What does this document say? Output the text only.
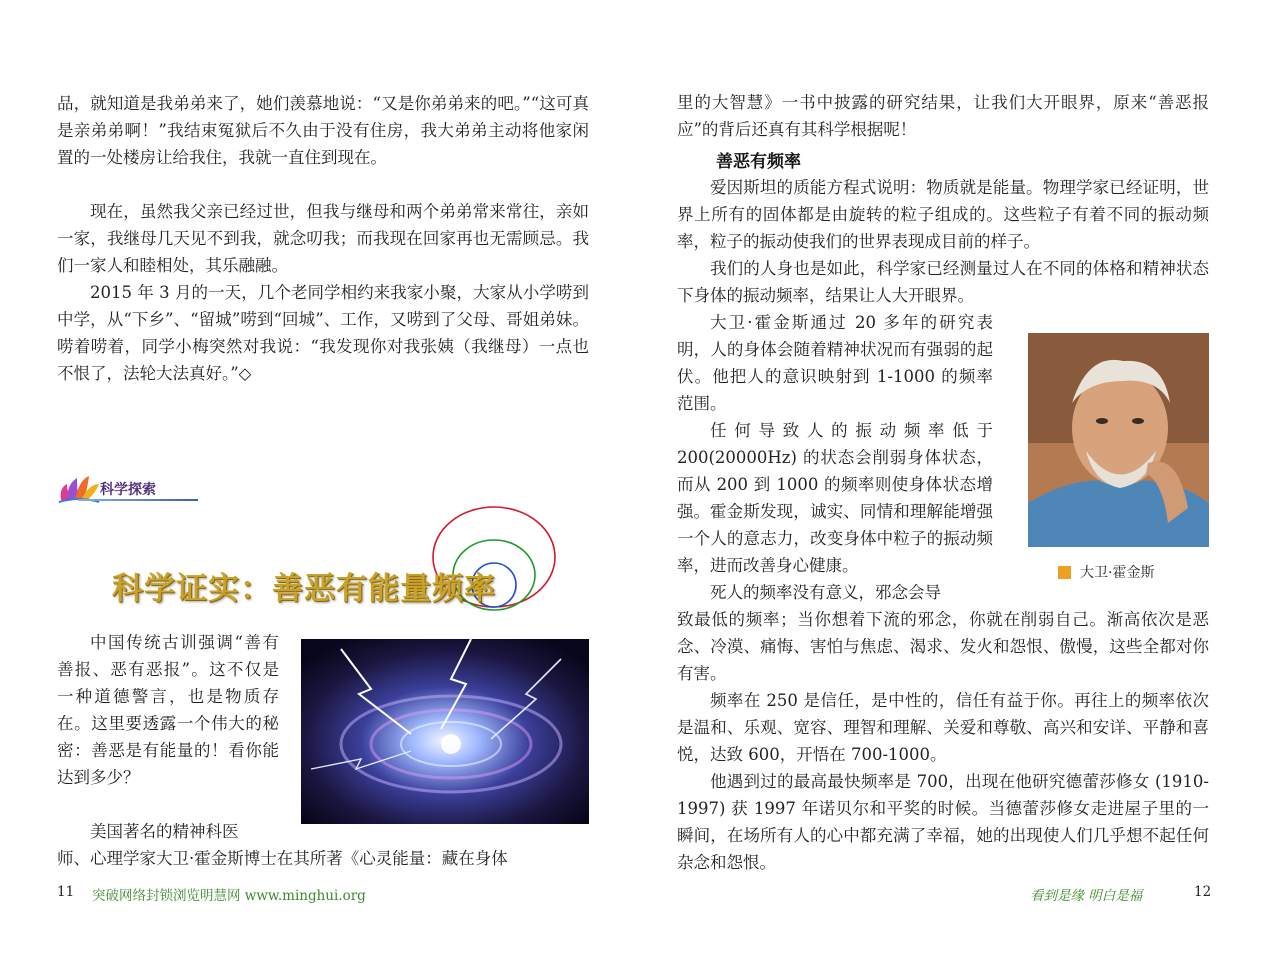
品，就知道是我弟弟来了，她们羡慕地说：“又是你弟弟来的吧。”“这可真是亲弟弟啊！”我结束冤狱后不久由于没有住房，我大弟弟主动将他家闲置的一处楼房让给我住，我就一直住到现在。

现在，虽然我父亲已经过世，但我与继母和两个弟弟常来常往，亲如一家，我继母几天见不到我，就念叨我；而我现在回家再也无需顾忌。我们一家人和睦相处，其乐融融。

2015 年 3 月的一天，几个老同学相约来我家小聚，大家从小学唠到中学，从“下乡”、“留城”唠到“回城”、工作，又唠到了父母、哥姐弟妹。唠着唠着，同学小梅突然对我说：“我发现你对我张姨（我继母）一点也不恨了，法轮大法真好。”◇

科学探索
科学证实：善恶有能量频率

中国传统古训强调“善有善报、恶有恶报”。这不仅是一种道德警言，也是物质存在。这里要透露一个伟大的秘密：善恶是有能量的！看你能达到多少？

美国著名的精神科医

师、心理学家大卫·霍金斯博士在其所著《心灵能量：藏在身体

11 突破网络封锁浏览明慧网 www.minghui.org

里的大智慧》一书中披露的研究结果，让我们大开眼界，原来“善恶报应”的背后还真有其科学根据呢！

善恶有频率

爱因斯坦的质能方程式说明：物质就是能量。物理学家已经证明，世界上所有的固体都是由旋转的粒子组成的。这些粒子有着不同的振动频率，粒子的振动使我们的世界表现成目前的样子。

我们的人身也是如此，科学家已经测量过人在不同的体格和精神状态下身体的振动频率，结果让人大开眼界。

大卫·霍金斯通过 20 多年的研究表明，人的身体会随着精神状况而有强弱的起伏。他把人的意识映射到 1-1000 的频率范围。

任何导致人的振动频率低于 200(20000Hz) 的状态会削弱身体状态，而从 200 到 1000 的频率则使身体状态增强。 霍金斯发现，诚实、同情和理解能增强一个人的意志力，改变身体中粒子的振动频率，进而改善身心健康。

死人的频率没有意义，邪念会导

致最低的频率；当你想着下流的邪念，你就在削弱自己。渐高依次是恶念、冷漠、痛悔、害怕与焦虑、渴求、发火和怨恨、傲慢，这些全都对你有害。

频率在 250 是信任，是中性的，信任有益于你。再往上的频率依次是温和、乐观、宽容、理智和理解、关爱和尊敬、高兴和安详、平静和喜悦，达致 600，开悟在 700-1000。

他遇到过的最高最快频率是 700，出现在他研究德蕾莎修女 (1910-1997) 获 1997 年诺贝尔和平奖的时候。当德蕾莎修女走进屋子里的一瞬间，在场所有人的心中都充满了幸福，她的出现使人们几乎想不起任何杂念和怨恨。

大卫·霍金斯
看到是缘 明白是福	12
